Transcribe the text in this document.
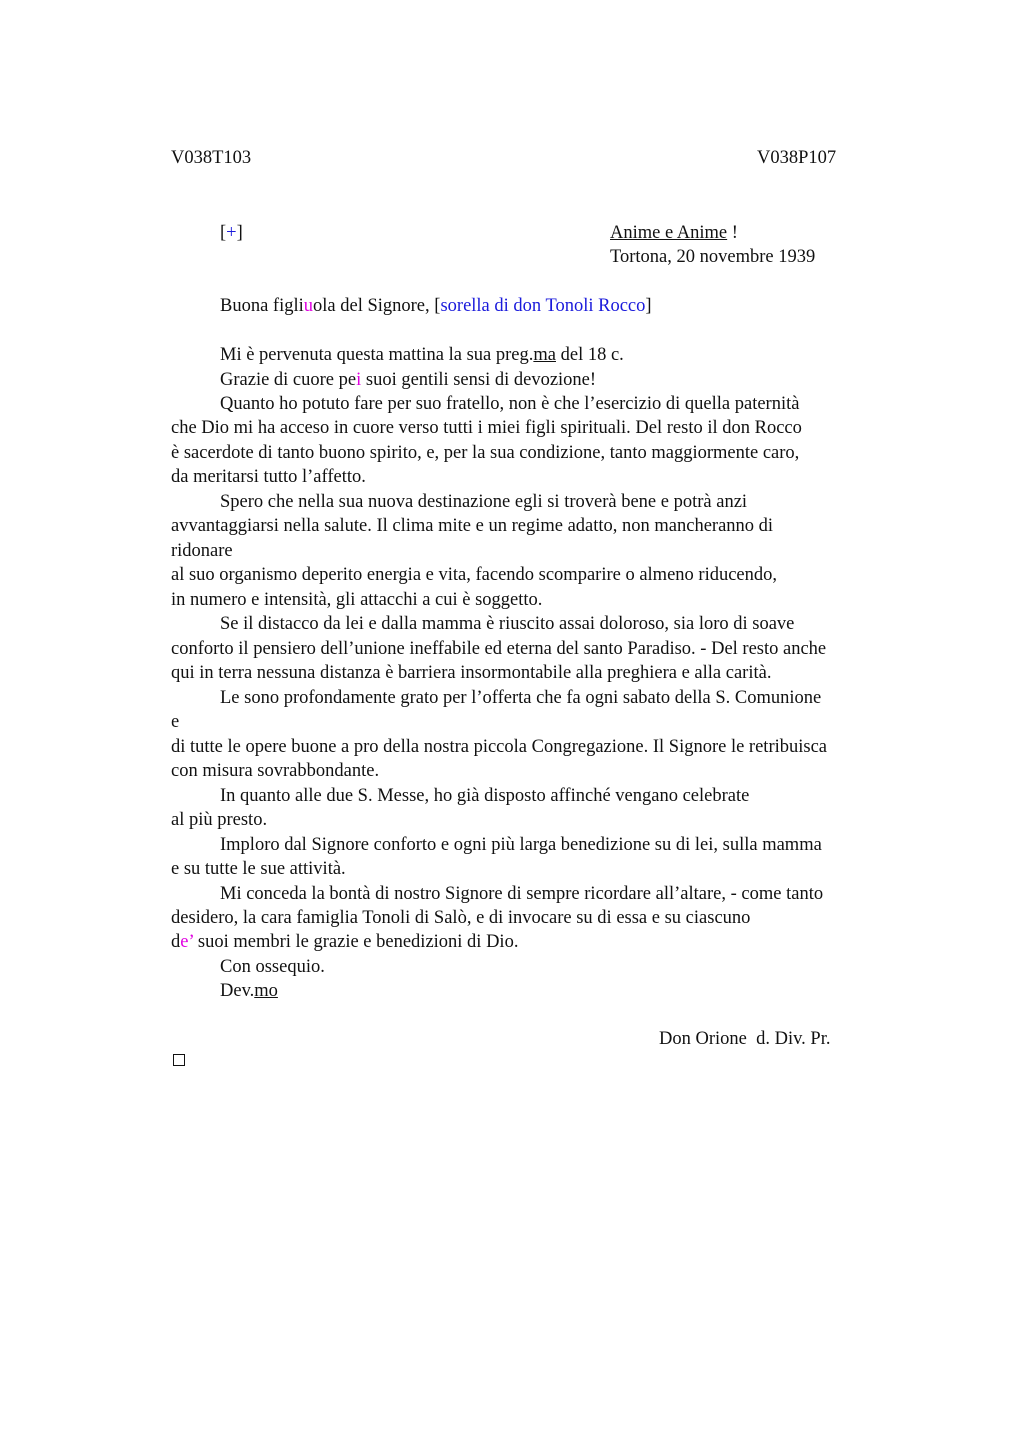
V038T103	V038P107
[+]	Anime e Anime !
Tortona, 20 novembre 1939
Buona figliuola del Signore, [sorella di don Tonoli Rocco]
Mi è pervenuta questa mattina la sua preg.ma del 18 c.
Grazie di cuore pei suoi gentili sensi di devozione!
Quanto ho potuto fare per suo fratello, non è che l’esercizio di quella paternità
che Dio mi ha acceso in cuore verso tutti i miei figli spirituali. Del resto il don Rocco
è sacerdote di tanto buono spirito, e, per la sua condizione, tanto maggiormente caro,
da meritarsi tutto l’affetto.
Spero che nella sua nuova destinazione egli si troverà bene e potrà anzi
avvantaggiarsi nella salute. Il clima mite e un regime adatto, non mancheranno di
ridonare
al suo organismo deperito energia e vita, facendo scomparire o almeno riducendo,
in numero e intensità, gli attacchi a cui è soggetto.
Se il distacco da lei e dalla mamma è riuscito assai doloroso, sia loro di soave
conforto il pensiero dell’unione ineffabile ed eterna del santo Paradiso. - Del resto anche
qui in terra nessuna distanza è barriera insormontabile alla preghiera e alla carità.
Le sono profondamente grato per l’offerta che fa ogni sabato della S. Comunione
e
di tutte le opere buone a pro della nostra piccola Congregazione. Il Signore le retribuisca
con misura sovrabbondante.
In quanto alle due S. Messe, ho già disposto affinché vengano celebrate
al più presto.
Imploro dal Signore conforto e ogni più larga benedizione su di lei, sulla mamma
e su tutte le sue attività.
Mi conceda la bontà di nostro Signore di sempre ricordare all’altare, - come tanto
desidero, la cara famiglia Tonoli di Salò, e di invocare su di essa e su ciascuno
de’ suoi membri le grazie e benedizioni di Dio.
Con ossequio.
Dev.mo
Don Orione  d. Div. Pr.
